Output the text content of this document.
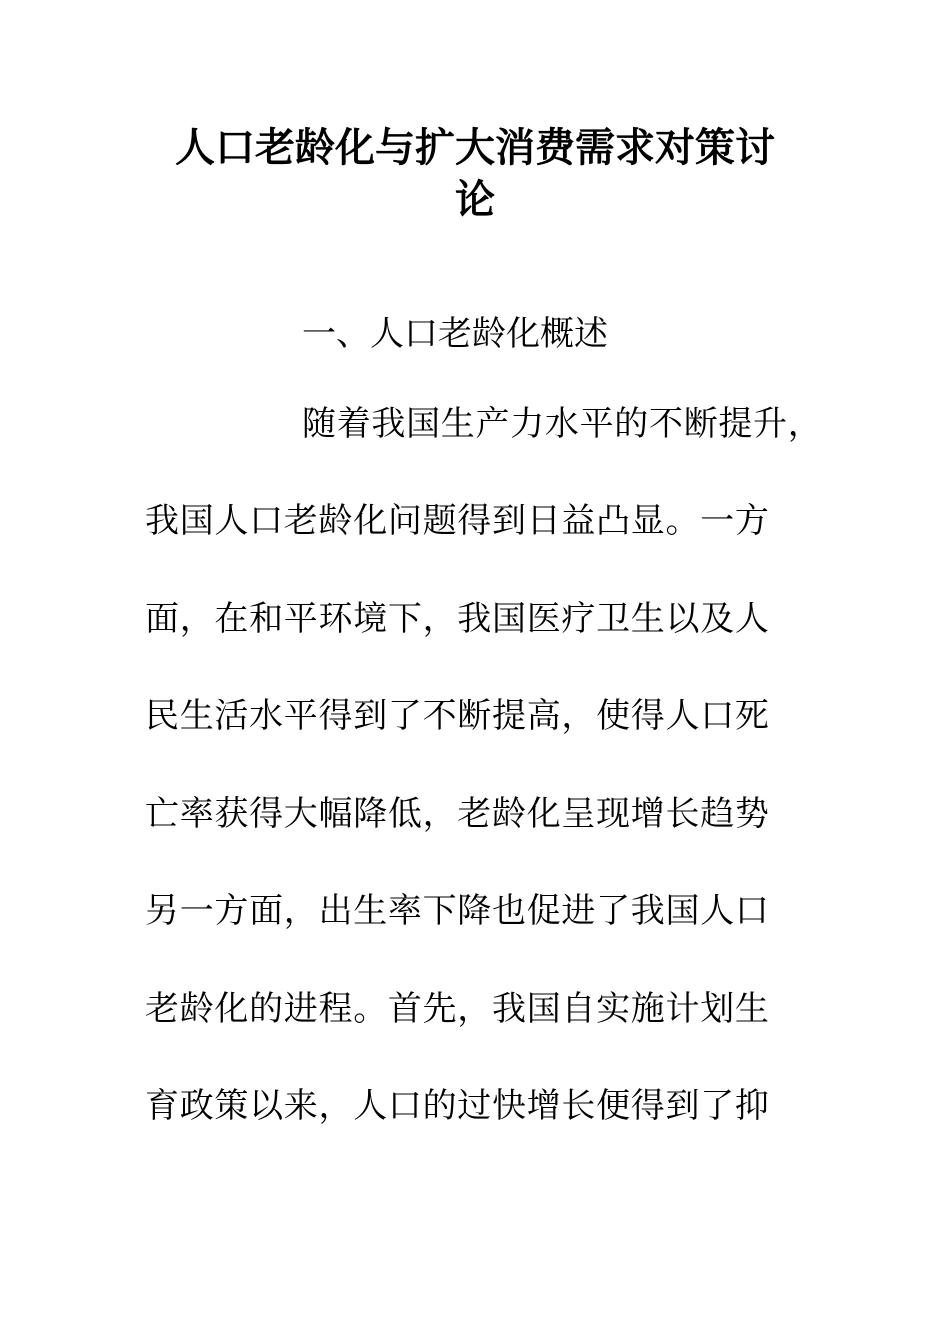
人口老龄化与扩大消费需求对策讨
论
一、人口老龄化概述
随着我国生产力水平的不断提升，
我国人口老龄化问题得到日益凸显。一方
面，在和平环境下，我国医疗卫生以及人
民生活水平得到了不断提高，使得人口死
亡率获得大幅降低，老龄化呈现增长趋势
另一方面，出生率下降也促进了我国人口
老龄化的进程。首先，我国自实施计划生
育政策以来，人口的过快增长便得到了抑
